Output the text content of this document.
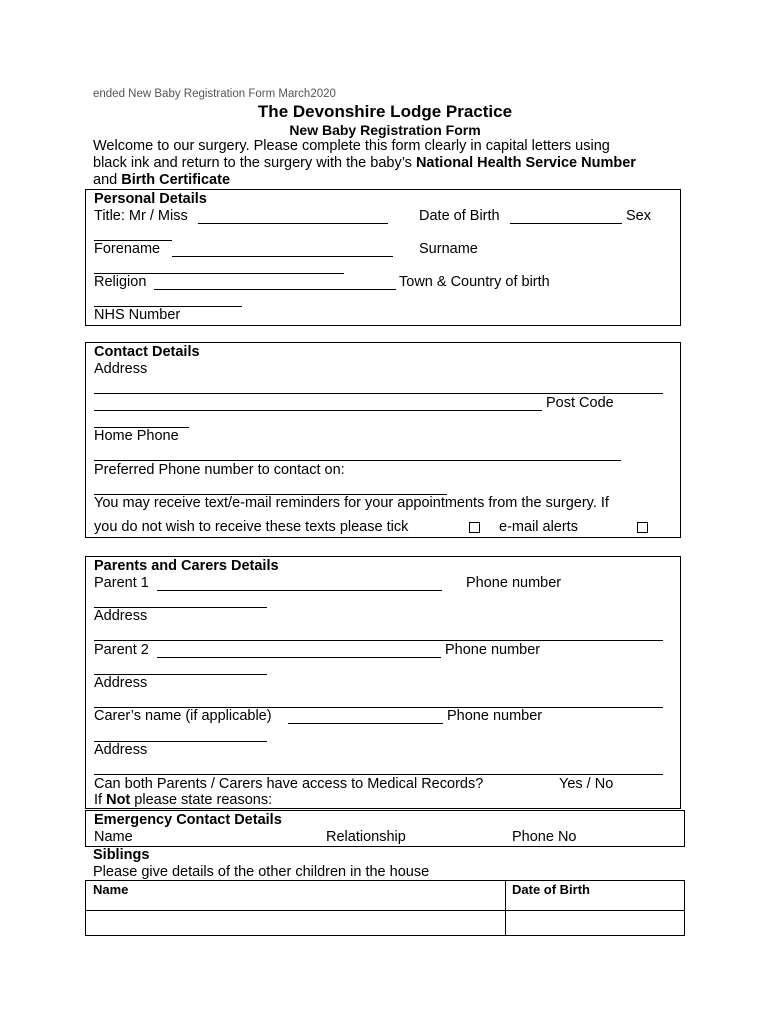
ended New Baby Registration Form March2020
The Devonshire Lodge Practice
New Baby Registration Form
Welcome to our surgery. Please complete this form clearly in capital letters using
black ink and return to the surgery with the baby’s National Health Service Number
and Birth Certificate
Personal Details
Title: Mr / Miss	Date of Birth	Sex
Forename	Surname
Religion	Town & Country of birth
NHS Number
Contact Details
Address
Post Code
Home Phone
Preferred Phone number to contact on:
You may receive text/e-mail reminders for your appointments from the surgery. If
you do not wish to receive these texts please tick	e-mail alerts
Parents and Carers Details
Parent 1	Phone number
Address
Parent 2	Phone number
Address
Carer’s name (if applicable)	Phone number
Address
Can both Parents / Carers have access to Medical Records?	Yes / No
If Not please state reasons:
Emergency Contact Details
Name	Relationship	Phone No
Siblings
Please give details of the other children in the house
Name	Date of Birth
